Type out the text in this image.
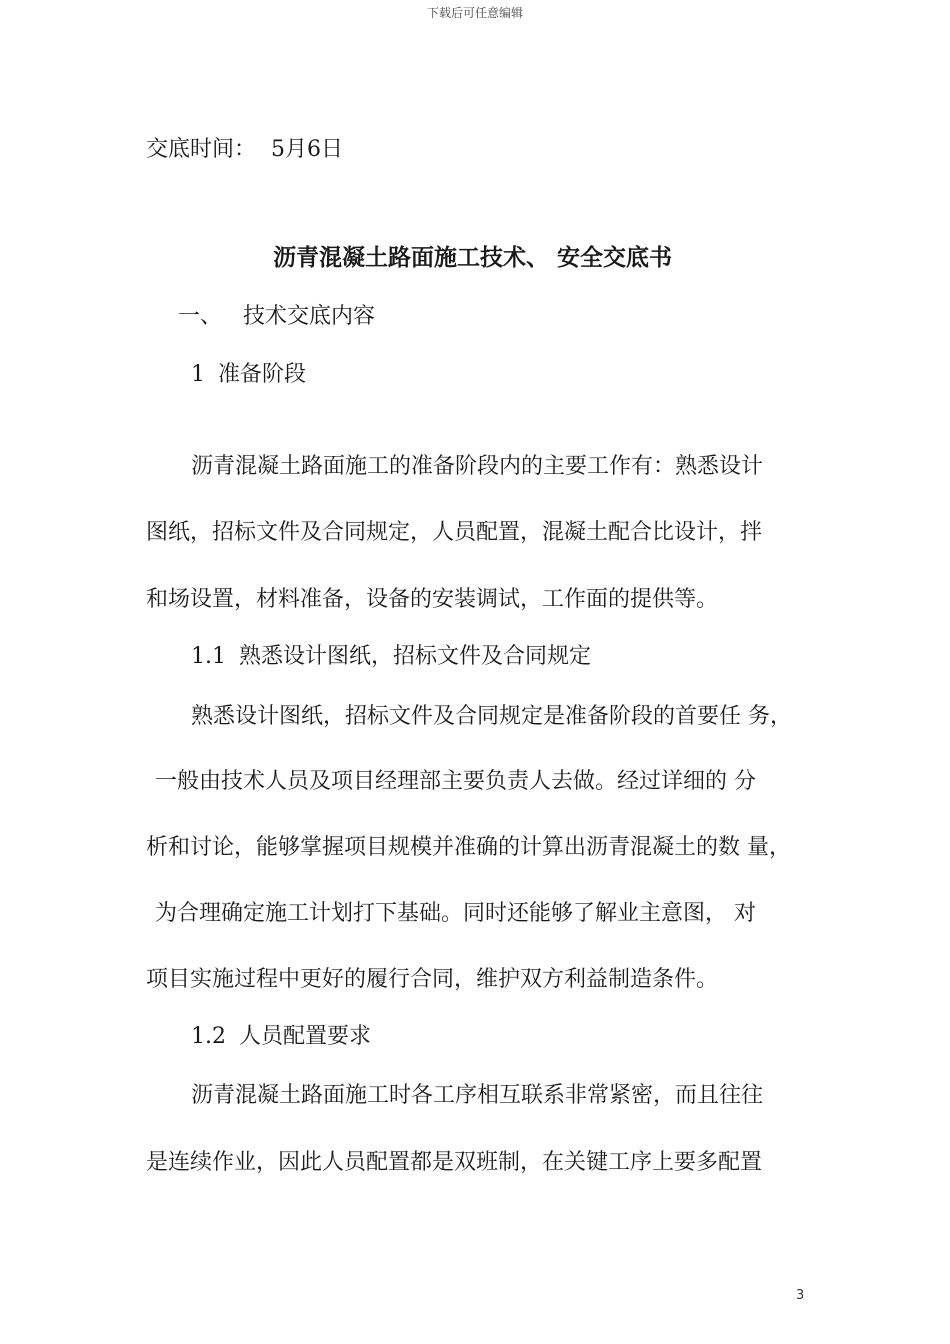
下载后可任意编辑
交底时间： 5月6日
沥青混凝土路面施工技术、 安全交底书
一、 技术交底内容
1 准备阶段
沥青混凝土路面施工的准备阶段内的主要工作有：熟悉设计
图纸，招标文件及合同规定，人员配置，混凝土配合比设计，拌
和场设置，材料准备，设备的安装调试，工作面的提供等。
1.1 熟悉设计图纸，招标文件及合同规定
熟悉设计图纸，招标文件及合同规定是准备阶段的首要任 务，
一般由技术人员及项目经理部主要负责人去做。经过详细的 分
析和讨论，能够掌握项目规模并准确的计算出沥青混凝土的数 量，
为合理确定施工计划打下基础。同时还能够了解业主意图， 对
项目实施过程中更好的履行合同，维护双方利益制造条件。
1.2 人员配置要求
沥青混凝土路面施工时各工序相互联系非常紧密，而且往往
是连续作业，因此人员配置都是双班制，在关键工序上要多配置
3
